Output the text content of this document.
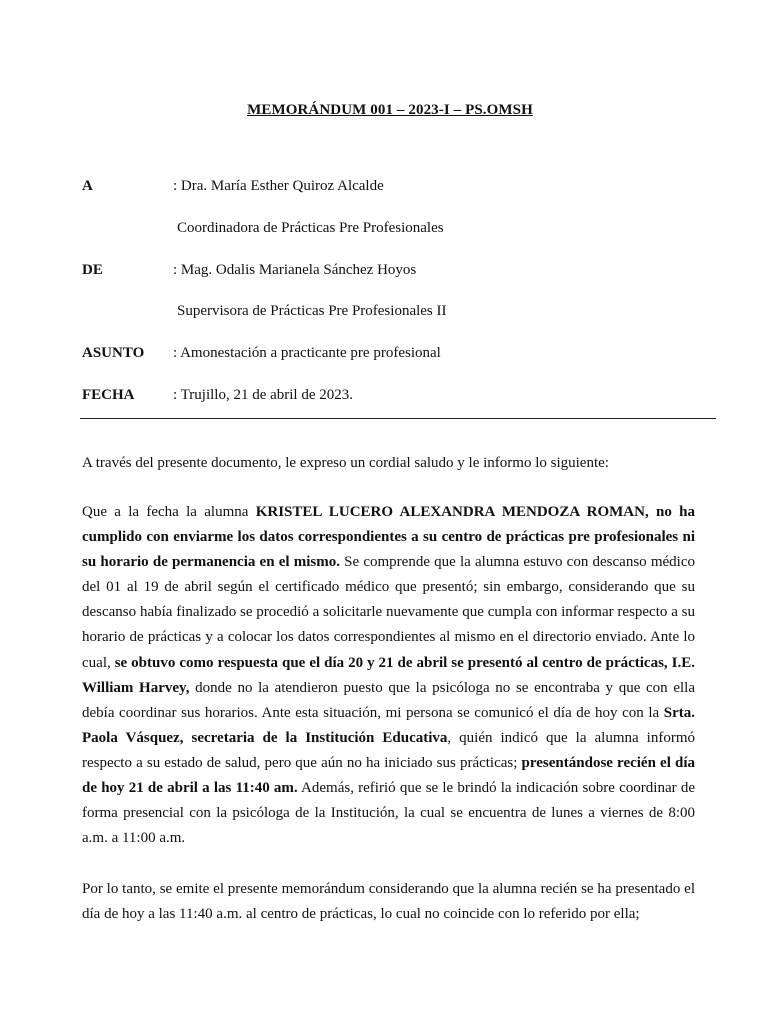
MEMORÁNDUM 001 – 2023-I – PS.OMSH
A	: Dra. María Esther Quiroz Alcalde
Coordinadora de Prácticas Pre Profesionales
DE	: Mag. Odalis Marianela Sánchez Hoyos
Supervisora de Prácticas Pre Profesionales II
ASUNTO : Amonestación a practicante pre profesional
FECHA	: Trujillo, 21 de abril de 2023.

A través del presente documento, le expreso un cordial saludo y le informo lo siguiente:

Que a la fecha la alumna KRISTEL LUCERO ALEXANDRA MENDOZA ROMAN, no ha cumplido con enviarme los datos correspondientes a su centro de prácticas pre profesionales ni su horario de permanencia en el mismo. Se comprende que la alumna estuvo con descanso médico del 01 al 19 de abril según el certificado médico que presentó; sin embargo, considerando que su descanso había finalizado se procedió a solicitarle nuevamente que cumpla con informar respecto a su horario de prácticas y a colocar los datos correspondientes al mismo en el directorio enviado. Ante lo cual, se obtuvo como respuesta que el día 20 y 21 de abril se presentó al centro de prácticas, I.E. William Harvey, donde no la atendieron puesto que la psicóloga no se encontraba y que con ella debía coordinar sus horarios. Ante esta situación, mi persona se comunicó el día de hoy con la Srta. Paola Vásquez, secretaria de la Institución Educativa, quién indicó que la alumna informó respecto a su estado de salud, pero que aún no ha iniciado sus prácticas; presentándose recién el día de hoy 21 de abril a las 11:40 am. Además, refirió que se le brindó la indicación sobre coordinar de forma presencial con la psicóloga de la Institución, la cual se encuentra de lunes a viernes de 8:00 a.m. a 11:00 a.m.

Por lo tanto, se emite el presente memorándum considerando que la alumna recién se ha presentado el día de hoy a las 11:40 a.m. al centro de prácticas, lo cual no coincide con lo referido por ella;
